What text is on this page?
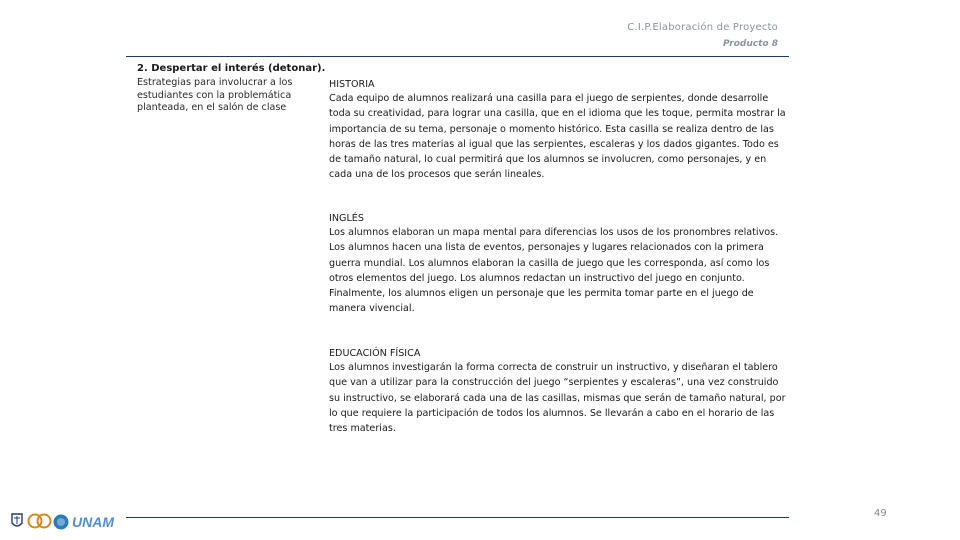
C.I.P.Elaboración de Proyecto
Producto 8
2. Despertar el interés (detonar).
Estrategias para involucrar a los estudiantes con la problemática planteada, en el salón de clase
HISTORIA

Cada equipo de alumnos realizará una casilla para el juego de serpientes, donde desarrolle toda su creatividad, para lograr una casilla, que en el idioma que les toque, permita mostrar la importancia de su tema, personaje o momento histórico. Esta casilla se realiza dentro de las horas de las tres materias al igual que las serpientes, escaleras y los dados gigantes. Todo es de tamaño natural, lo cual permitirá que los alumnos se involucren, como personajes, y en cada una de los procesos que serán lineales.

INGLÉS

Los alumnos elaboran un mapa mental para diferencias los usos de los pronombres relativos. Los alumnos hacen una lista de eventos, personajes y lugares relacionados con la primera guerra mundial. Los alumnos elaboran la casilla de juego que les corresponda, así como los otros elementos del juego. Los alumnos redactan un instructivo del juego en conjunto. Finalmente, los alumnos eligen un personaje que les permita tomar parte en el juego de manera vivencial.

EDUCACIÓN FÍSICA

Los alumnos investigarán la forma correcta de construir un instructivo, y diseñaran el tablero que van a utilizar para la construcción del juego “serpientes y escaleras”, una vez construido su instructivo, se elaborará cada una de las casillas, mismas que serán de tamaño natural, por lo que requiere la participación de todos los alumnos. Se llevarán a cabo en el horario de las tres materias.

UNAM
49
